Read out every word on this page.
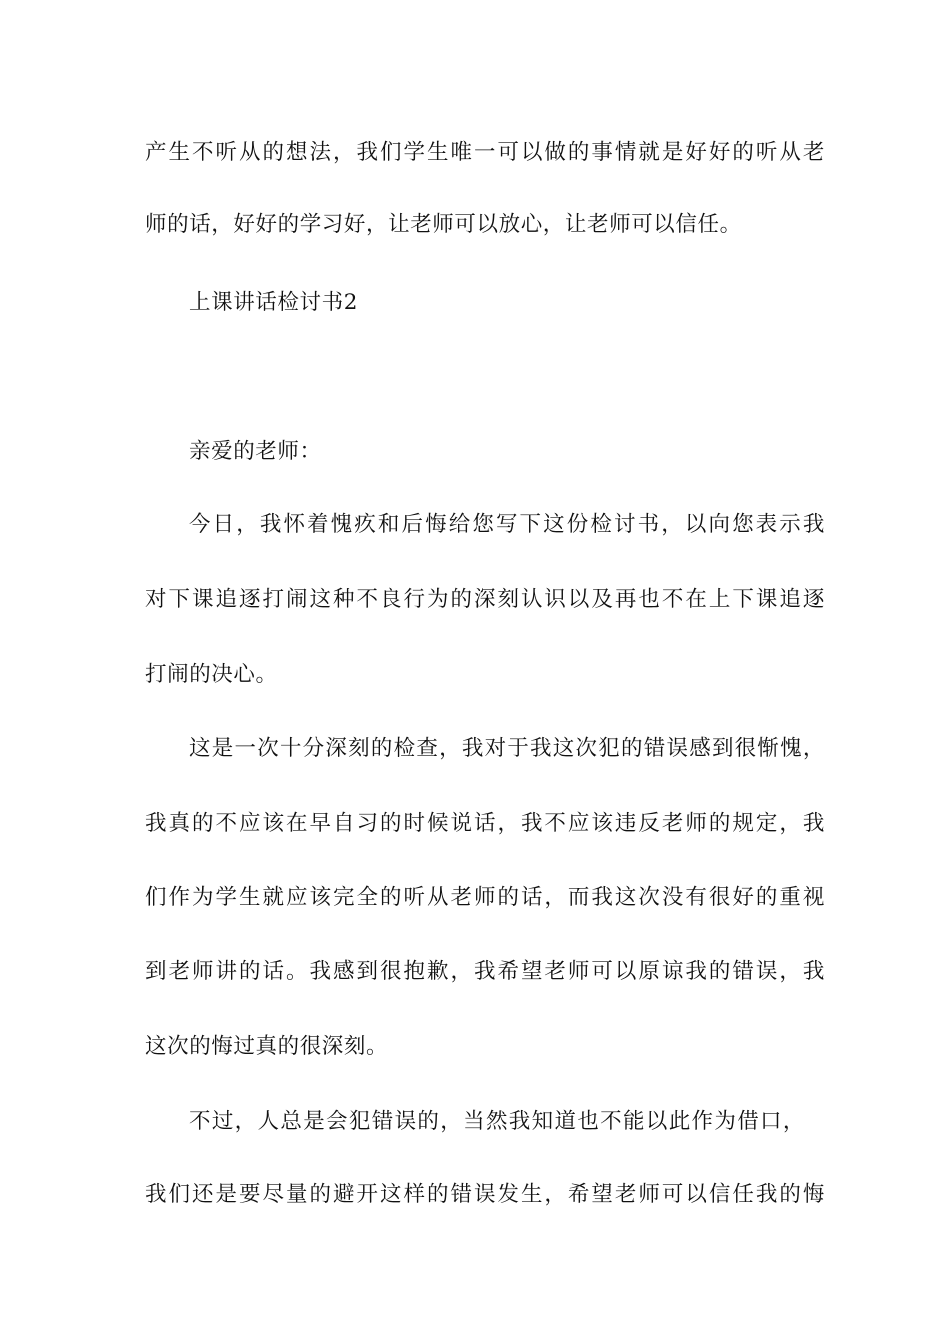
产生不听从的想法，我们学生唯一可以做的事情就是好好的听从老
师的话，好好的学习好，让老师可以放心，让老师可以信任。
上课讲话检讨书2
亲爱的老师：
今日，我怀着愧疚和后悔给您写下这份检讨书，以向您表示我
对下课追逐打闹这种不良行为的深刻认识以及再也不在上下课追逐
打闹的决心。
这是一次十分深刻的检查，我对于我这次犯的错误感到很惭愧，
我真的不应该在早自习的时候说话，我不应该违反老师的规定，我
们作为学生就应该完全的听从老师的话，而我这次没有很好的重视
到老师讲的话。我感到很抱歉，我希望老师可以原谅我的错误，我
这次的悔过真的很深刻。
不过，人总是会犯错误的，当然我知道也不能以此作为借口，
我们还是要尽量的避开这样的错误发生，希望老师可以信任我的悔
